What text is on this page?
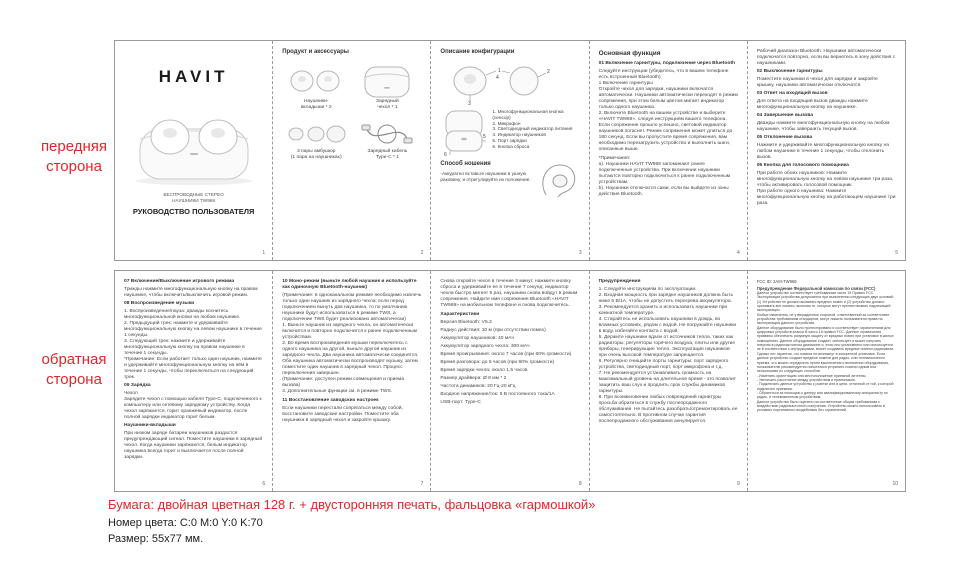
передняя
сторона
обратная
сторона
HAVIT
БЕСПРОВОДНЫЕ СТЕРЕО
НАУШНИКИ TW969
РУКОВОДСТВО ПОЛЬЗОВАТЕЛЯ
1
Продукт и аксессуары
Наушники-
вкладыши * 2
Зарядный
чехол * 1
3 пары амбушюр
(1 пара на наушниках)
Зарядный кабель
Type-C * 1
2
Описание конфигурации
1
3
4
2
6
5
1. Многофункциональная кнопка (сенсор)
2. Микрофон
3. Светодиодный индикатор питания
4. Индикатор наушников
5. Порт зарядки
6. Кнопка сброса
Способ ношения
-Аккуратно вставьте наушники в ушную раковину, и отрегулируйте их положение.
3
Основная функция
01 Включение гарнитуры, подключение через Bluetooth
Следуйте инструкции (убедитесь, что в вашем телефоне есть встроенный Bluetooth)
1 Включение гарнитуры
Откройте чехол для зарядки, наушники включатся автоматически. Наушники автоматически переходят в режим сопряжения, при этом белым цветом мигает индикатор только одного наушника.
2. Включите Bluetooth на вашем устройстве и выберите «HAVIT TW969». следуя инструкциям вашего телефона. Если сопряжение прошло успешно, световой индикатор наушников погаснет. Режим сопряжения может длиться до 180 секунд. Если вы пропустите время сопряжения, вам необходимо перезагрузить устройство и выполнить шаги, описанные выше.
*Примечания:
a). Наушники HAVIT TW969 запоминают ранее подключенные устройства. При включении наушники пытаются повторно подключиться к ранее подключенным устройствам.
b). Наушники отключатся сами, если вы выйдете из зоны действия Bluetooth.
4
Рабочий диапазон Bluetooth. Наушники автоматически подключатся повторно, если вы вернетесь в зону действия с наушниками.
02 Выключение гарнитуры
Поместите наушники в чехол для зарядки и закройте крышку, наушники автоматически отключатся.
03 Ответ на входящий вызов
Для ответа на входящий вызов дважды нажмите многофункциональную кнопку на наушнике.
04 Завершение вызова
Дважды нажмите многофункциональную кнопку на любом наушнике, чтобы завершить текущий вызов.
05 Отклонение вызова
Нажмите и удерживайте многофункциональную кнопку на любом наушнике в течение 1 секунды, чтобы отклонить вызов.
06 Кнопка для голосового помощника
При работе обоих наушников: Нажмите многофункциональную кнопку на левом наушнике три раза, чтобы активировать голосовой помощник.
При работе одного наушника: Нажмите многофункциональную кнопку на работающем наушнике три раза.
5
07 Включение/Выключение игрового режима
Трижды нажмите многофункциональную кнопку на правом наушнике, чтобы включить/выключить игровой режим.
08 Воспроизведение музыки
1. Воспроизведение/пауза: дважды коснитесь многофункциональной кнопки на любом наушнике.
2. Предыдущий трек: нажмите и удерживайте многофункциональную кнопку на левом наушнике в течение 1 секунды.
3. Следующий трек: нажмите и удерживайте многофункциональную кнопку на правом наушнике в течение 1 секунды.
*Примечание: Если работает только один наушник, нажмите и удерживайте многофункциональную кнопку на нём в течение 1 секунды, чтобы переключиться на следующий трек.
09 Зарядка
Чехол
Зарядите чехол с помощью кабеля Type-C, подключенного к компьютеру или сетевому зарядному устройству. Когда чехол заряжается, горит оранжевый индикатор, после полной зарядки индикатор горит белым.
Наушники-вкладыши
При низком заряде батареи наушников раздастся предупреждающий сигнал. Поместите наушники в зарядный чехол. Когда наушники заряжаются, белым индикатор наушника всегда горит и выключается после полной зарядки.
6
10 Моно-режим (выньте любой наушник и используйте как одиночную Bluetooth-наушник)
(Примечание: в одноканальном режиме необходимо извлечь только один наушник из зарядного чехла; если перед подключением вынуть два наушника, то по умолчанию наушники будут использоваться в режиме TWS, а подключение TWS будет реализовано автоматически)
1. Выньте наушник из зарядного чехла, он автоматически включится и повторно подключится к ранее подключенным устройствам.
2. Во время воспроизведения музыки переключитесь с одного наушника на другой, выньте другой наушник из зарядного чехла. Два наушника автоматически соединятся. Оба наушника автоматически воспроизводят музыку, затем поместите один наушник в зарядный чехол. Процесс переключения завершен.
(Примечание: доступен режим совмещения и приема вызова)
3. Дополнительные функции см. в режиме TWS.
11 Восстановление заводских настроек
Если наушники перестали сопрягаться между собой, восстановите заводские настройки. Поместите оба наушника в зарядный чехол и закройте крышку.
7
Снова откройте чехол в течение 3 минут, нажмите кнопку сброса и удерживайте ее в течение 7 секунд; индикатор чехла быстро мигнет 5 раз, наушники снова войдут в режим сопряжения. Найдите имя сопряжения Bluetooth «HAVIT TW969» на мобильном телефоне и снова подключитесь.
Характеристики
Версия Bluetooth: V5.3
Радиус действия: 10 м (при отсутствии помех)
Аккумулятор наушников: 40 мАч
Аккумулятор зарядного чехла: 300 мАч
Время проигрывания: около 7 часов (при 60% громкости)
Время разговора: до 5 часов (при 60% громкости)
Время зарядки чехла: около 1,5 часов
Размер драйвера: Ø 8 мм * 2
Частота динамиков: 20 Гц-20 кГц
Входное напряжение/ток: 5 В постоянного тока/1А
USB-порт: Type-C
8
Предупреждения
1. Следуйте инструкциям по эксплуатации.
2. Входная мощность при зарядке наушников должна быть ниже 5 В/1А, чтобы не допустить перегрева аккумулятора.
3. Рекомендуется хранить и использовать наушники при комнатной температуре.
4. Старайтесь не использовать наушники в дождь, во влажных условиях, рядом с водой. Не погружайте наушники в воду, избегайте контакта с водой.
5. Держите наушники вдали от источников тепла, таких как радиаторы, регуляторы горячего воздуха, плиты или другие приборы, генерирующие тепло. Эксплуатация наушников при очень высокой температуре запрещается.
6. Регулярно очищайте порты гарнитуры: порт зарядного устройства, светодиодный порт, порт микрофона и т.д.
7. Не рекомендуется устанавливать громкость на максимальный уровень на длительное время - это позволит защитить ваш слух и продлить срок службы динамиков гарнитуры.
8. При возникновении любых повреждений гарнитуры просьба обратиться в службу послепродажного обслуживания. Не пытайтесь разобрать/отремонтировать ее самостоятельно. В противном случае гарантия послепродажного обслуживания аннулируется.
9
FCC ID: 2AM-TW969
Предупреждение Федеральной комиссии по связи (FCC)
Данное устройство соответствует требованиям части 15 Правил FCC. Эксплуатация устройства допускается при выполнении следующих двух условий: (1) Устройство не должно вызывать вредных помех и (2) устройство должно принимать все помехи, включая те, которые могут препятствовать надлежащей эксплуатации.
Любые изменения, не утвержденные стороной, ответственной за соответствие устройства требованиям стандартов, могут лишить пользователя права на эксплуатацию данного устройства.
Данное оборудование было протестировано и соответствует ограничениям для цифровых устройств класса B части 15 правил FCC. Данные ограничения призваны обеспечить разумную защиту от вредных помех при установке в жилых помещениях. Данное оборудование создает, использует и может излучать энергию в радиочастотном диапазоне и, если оно установлено или используется не в соответствии с инструкциями, может создавать вредные помехи радиосвязи. Однако нет гарантии, что помехи не возникнут в конкретной установке. Если данное устройство создает вредные помехи для радио- или телевизионного приема, что можно определить путем выключения и включения оборудования, пользователю рекомендуется попытаться устранить помехи одним или несколькими из следующих способов:
- Изменить ориентацию или местоположение приемной антенны.
- Увеличить расстояние между устройством и приемником.
- Подключить данное устройство к розетке или в цепи, отличной от той, к которой подключен приемник.
- Обратиться за помощью к дилеру или квалифицированному специалисту по радио- и телевизионным устройствам.
Данное устройство было оценено на соответствие общим требованиям к воздействию радиочастотного излучения. Устройство можно использовать в условиях портативного воздействия без ограничений.
10
Бумага: двойная цветная 128 г. + двусторонняя печать, фальцовка «гармошкой»
Номер цвета: C:0 M:0 Y:0 K:70
Размер: 55х77 мм.
